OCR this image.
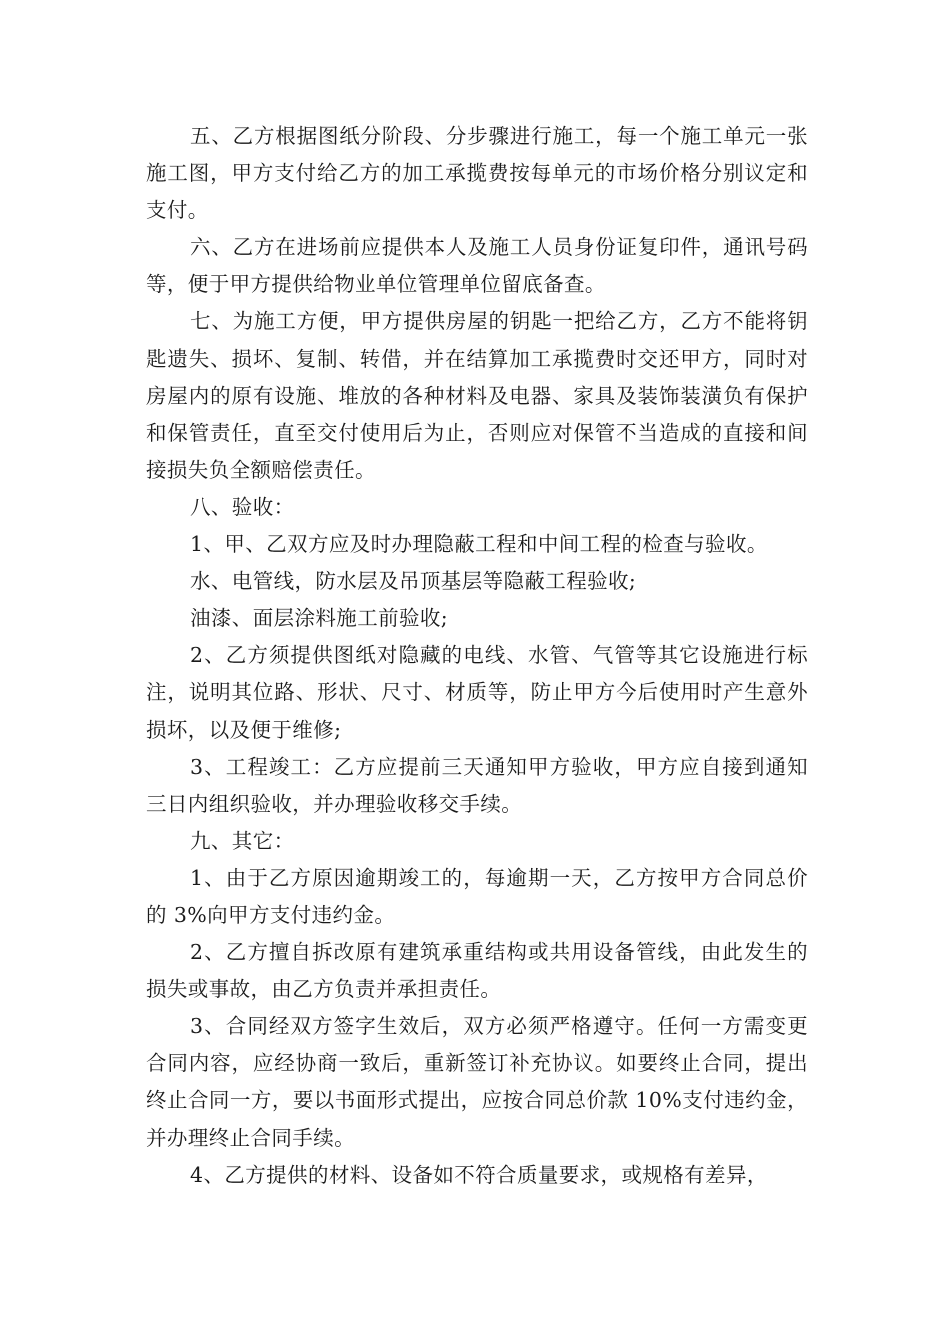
五、乙方根据图纸分阶段、分步骤进行施工，每一个施工单元一张施工图，甲方支付给乙方的加工承揽费按每单元的市场价格分别议定和支付。

六、乙方在进场前应提供本人及施工人员身份证复印件，通讯号码等，便于甲方提供给物业单位管理单位留底备查。

七、为施工方便，甲方提供房屋的钥匙一把给乙方，乙方不能将钥匙遗失、损坏、复制、转借，并在结算加工承揽费时交还甲方，同时对房屋内的原有设施、堆放的各种材料及电器、家具及装饰装潢负有保护和保管责任，直至交付使用后为止，否则应对保管不当造成的直接和间接损失负全额赔偿责任。

八、验收：

1、甲、乙双方应及时办理隐蔽工程和中间工程的检查与验收。

水、电管线，防水层及吊顶基层等隐蔽工程验收;

油漆、面层涂料施工前验收;

2、乙方须提供图纸对隐藏的电线、水管、气管等其它设施进行标注，说明其位路、形状、尺寸、材质等，防止甲方今后使用时产生意外损坏，以及便于维修;

3、工程竣工：乙方应提前三天通知甲方验收，甲方应自接到通知三日内组织验收，并办理验收移交手续。

九、其它：

1、由于乙方原因逾期竣工的，每逾期一天，乙方按甲方合同总价的 3%向甲方支付违约金。

2、乙方擅自拆改原有建筑承重结构或共用设备管线，由此发生的损失或事故，由乙方负责并承担责任。

3、合同经双方签字生效后，双方必须严格遵守。任何一方需变更合同内容，应经协商一致后，重新签订补充协议。如要终止合同，提出终止合同一方，要以书面形式提出，应按合同总价款 10%支付违约金，并办理终止合同手续。

4、乙方提供的材料、设备如不符合质量要求，或规格有差异，
